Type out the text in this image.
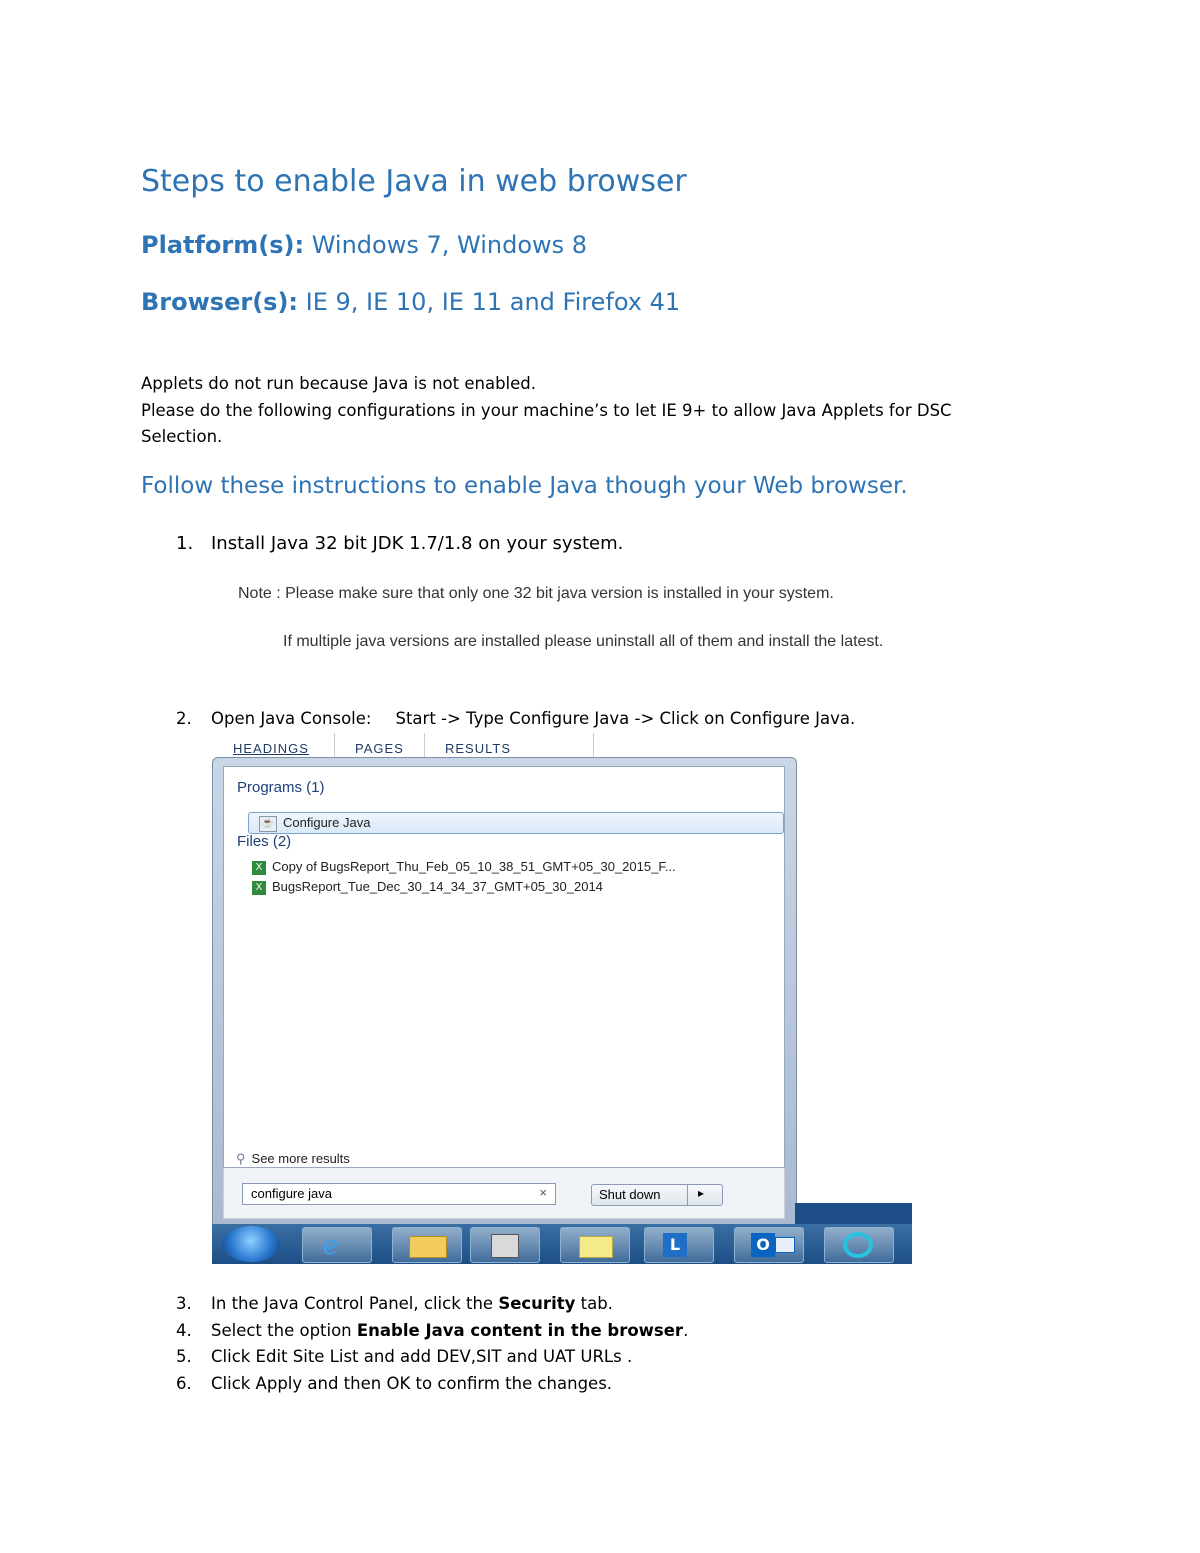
Steps to enable Java in web browser
Platform(s): Windows 7, Windows 8
Browser(s): IE 9, IE 10, IE 11 and Firefox 41
Applets do not run because Java is not enabled.
Please do the following configurations in your machine’s to let IE 9+ to allow Java Applets for DSC
Selection.
Follow these instructions to enable Java though your Web browser.
1. Install Java 32 bit JDK 1.7/1.8 on your system.
Note : Please make sure that only one 32 bit java version is installed in your system.
If multiple java versions are installed please uninstall all of them and install the latest.
2. Open Java Console: Start -> Type Configure Java -> Click on Configure Java.
HEADINGS	PAGES	RESULTS
Programs (1)
☕ Configure Java
Files (2)
X Copy of BugsReport_Thu_Feb_05_10_38_51_GMT+05_30_2015_F...
X BugsReport_Tue_Dec_30_14_34_37_GMT+05_30_2014
⚲ See more results
configure java	×	Shut down	▸
e	L	O
3. In the Java Control Panel, click the Security tab.
4. Select the option Enable Java content in the browser.
5. Click Edit Site List and add DEV,SIT and UAT URLs .
6. Click Apply and then OK to confirm the changes.
